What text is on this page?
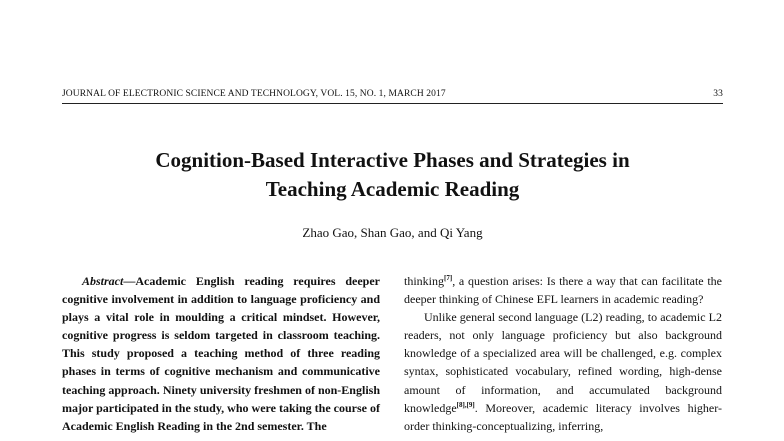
JOURNAL OF ELECTRONIC SCIENCE AND TECHNOLOGY, VOL. 15, NO. 1, MARCH 2017	33
Cognition-Based Interactive Phases and Strategies in
Teaching Academic Reading
Zhao Gao, Shan Gao, and Qi Yang

Abstract—Academic English reading requires deeper cognitive involvement in addition to language proficiency and plays a vital role in moulding a critical mindset. However, cognitive progress is seldom targeted in classroom teaching. This study proposed a teaching method of three reading phases in terms of cognitive mechanism and communicative teaching approach. Ninety university freshmen of non-English major participated in the study, who were taking the course of Academic English Reading in the 2nd semester. The

thinking[7], a question arises: Is there a way that can facilitate the deeper thinking of Chinese EFL learners in academic reading?

Unlike general second language (L2) reading, to academic L2 readers, not only language proficiency but also background knowledge of a specialized area will be challenged, e.g. complex syntax, sophisticated vocabulary, refined wording, high-dense amount of information, and accumulated background knowledge[8],[9]. Moreover, academic literacy involves higher-order thinking-conceptualizing, inferring,
